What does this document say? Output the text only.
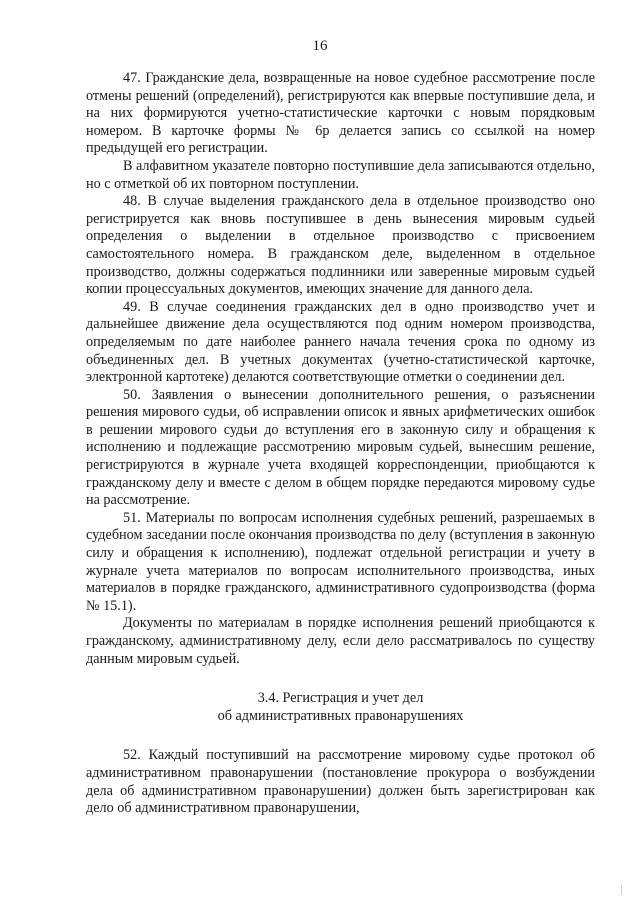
16

47. Гражданские дела, возвращенные на новое судебное рассмотрение после отмены решений (определений), регистрируются как впервые поступившие дела, и на них формируются учетно-статистические карточки с новым порядковым номером. В карточке формы № 6р делается запись со ссылкой на номер предыдущей его регистрации.

В алфавитном указателе повторно поступившие дела записываются отдельно, но с отметкой об их повторном поступлении.

48. В случае выделения гражданского дела в отдельное производство оно регистрируется как вновь поступившее в день вынесения мировым судьей определения о выделении в отдельное производство с присвоением самостоятельного номера. В гражданском деле, выделенном в отдельное производство, должны содержаться подлинники или заверенные мировым судьей копии процессуальных документов, имеющих значение для данного дела.

49. В случае соединения гражданских дел в одно производство учет и дальнейшее движение дела осуществляются под одним номером производства, определяемым по дате наиболее раннего начала течения срока по одному из объединенных дел. В учетных документах (учетно-статистической карточке, электронной картотеке) делаются соответствующие отметки о соединении дел.

50. Заявления о вынесении дополнительного решения, о разъяснении решения мирового судьи, об исправлении описок и явных арифметических ошибок в решении мирового судьи до вступления его в законную силу и обращения к исполнению и подлежащие рассмотрению мировым судьей, вынесшим решение, регистрируются в журнале учета входящей корреспонденции, приобщаются к гражданскому делу и вместе с делом в общем порядке передаются мировому судье на рассмотрение.

51. Материалы по вопросам исполнения судебных решений, разрешаемых в судебном заседании после окончания производства по делу (вступления в законную силу и обращения к исполнению), подлежат отдельной регистрации и учету в журнале учета материалов по вопросам исполнительного производства, иных материалов в порядке гражданского, административного судопроизводства (форма № 15.1).

Документы по материалам в порядке исполнения решений приобщаются к гражданскому, административному делу, если дело рассматривалось по существу данным мировым судьей.

3.4. Регистрация и учет дел

об административных правонарушениях

52. Каждый поступивший на рассмотрение мировому судье протокол об административном правонарушении (постановление прокурора о возбуждении дела об административном правонарушении) должен быть зарегистрирован как дело об административном правонарушении,
